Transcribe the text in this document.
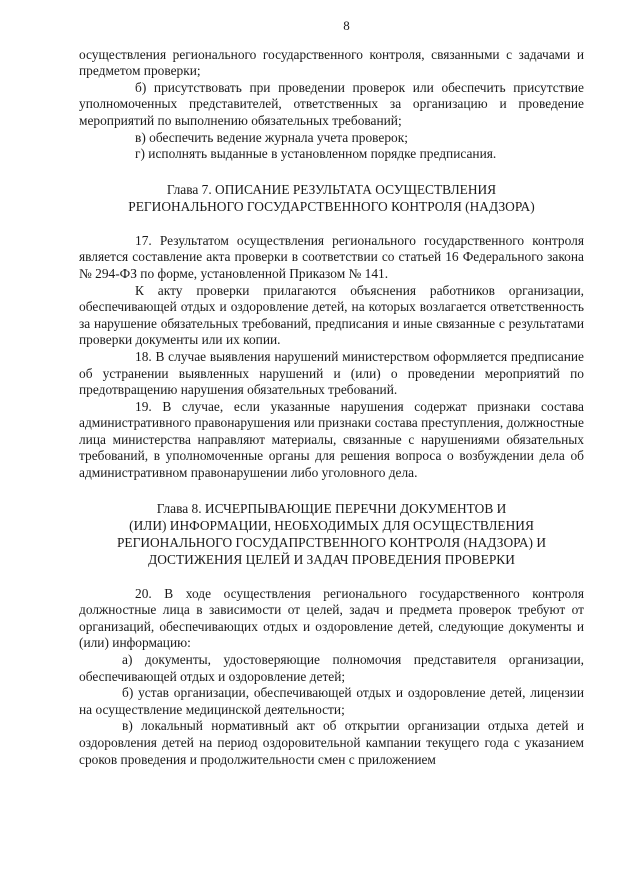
8

осуществления регионального государственного контроля, связанными с задачами и предметом проверки;

б) присутствовать при проведении проверок или обеспечить присутствие уполномоченных представителей, ответственных за организацию и проведение мероприятий по выполнению обязательных требований;

в) обеспечить ведение журнала учета проверок;

г) исполнять выданные в установленном порядке предписания.

Глава 7. ОПИСАНИЕ РЕЗУЛЬТАТА ОСУЩЕСТВЛЕНИЯ
РЕГИОНАЛЬНОГО ГОСУДАРСТВЕННОГО КОНТРОЛЯ (НАДЗОРА)

17. Результатом осуществления регионального государственного контроля является составление акта проверки в соответствии со статьей 16 Федерального закона № 294-ФЗ по форме, установленной Приказом № 141.

К акту проверки прилагаются объяснения работников организации, обеспечивающей отдых и оздоровление детей, на которых возлагается ответственность за нарушение обязательных требований, предписания и иные связанные с результатами проверки документы или их копии.

18. В случае выявления нарушений министерством оформляется предписание об устранении выявленных нарушений и (или) о проведении мероприятий по предотвращению нарушения обязательных требований.

19. В случае, если указанные нарушения содержат признаки состава административного правонарушения или признаки состава преступления, должностные лица министерства направляют материалы, связанные с нарушениями обязательных требований, в уполномоченные органы для решения вопроса о возбуждении дела об административном правонарушении либо уголовного дела.

Глава 8. ИСЧЕРПЫВАЮЩИЕ ПЕРЕЧНИ ДОКУМЕНТОВ И
(ИЛИ) ИНФОРМАЦИИ, НЕОБХОДИМЫХ ДЛЯ ОСУЩЕСТВЛЕНИЯ
РЕГИОНАЛЬНОГО ГОСУДАПРСТВЕННОГО КОНТРОЛЯ (НАДЗОРА) И
ДОСТИЖЕНИЯ ЦЕЛЕЙ И ЗАДАЧ ПРОВЕДЕНИЯ ПРОВЕРКИ

20. В ходе осуществления регионального государственного контроля должностные лица в зависимости от целей, задач и предмета проверок требуют от организаций, обеспечивающих отдых и оздоровление детей, следующие документы и (или) информацию:

а) документы, удостоверяющие полномочия представителя организации, обеспечивающей отдых и оздоровление детей;

б) устав организации, обеспечивающей отдых и оздоровление детей, лицензии на осуществление медицинской деятельности;

в) локальный нормативный акт об открытии организации отдыха детей и оздоровления детей на период оздоровительной кампании текущего года с указанием сроков проведения и продолжительности смен с приложением
